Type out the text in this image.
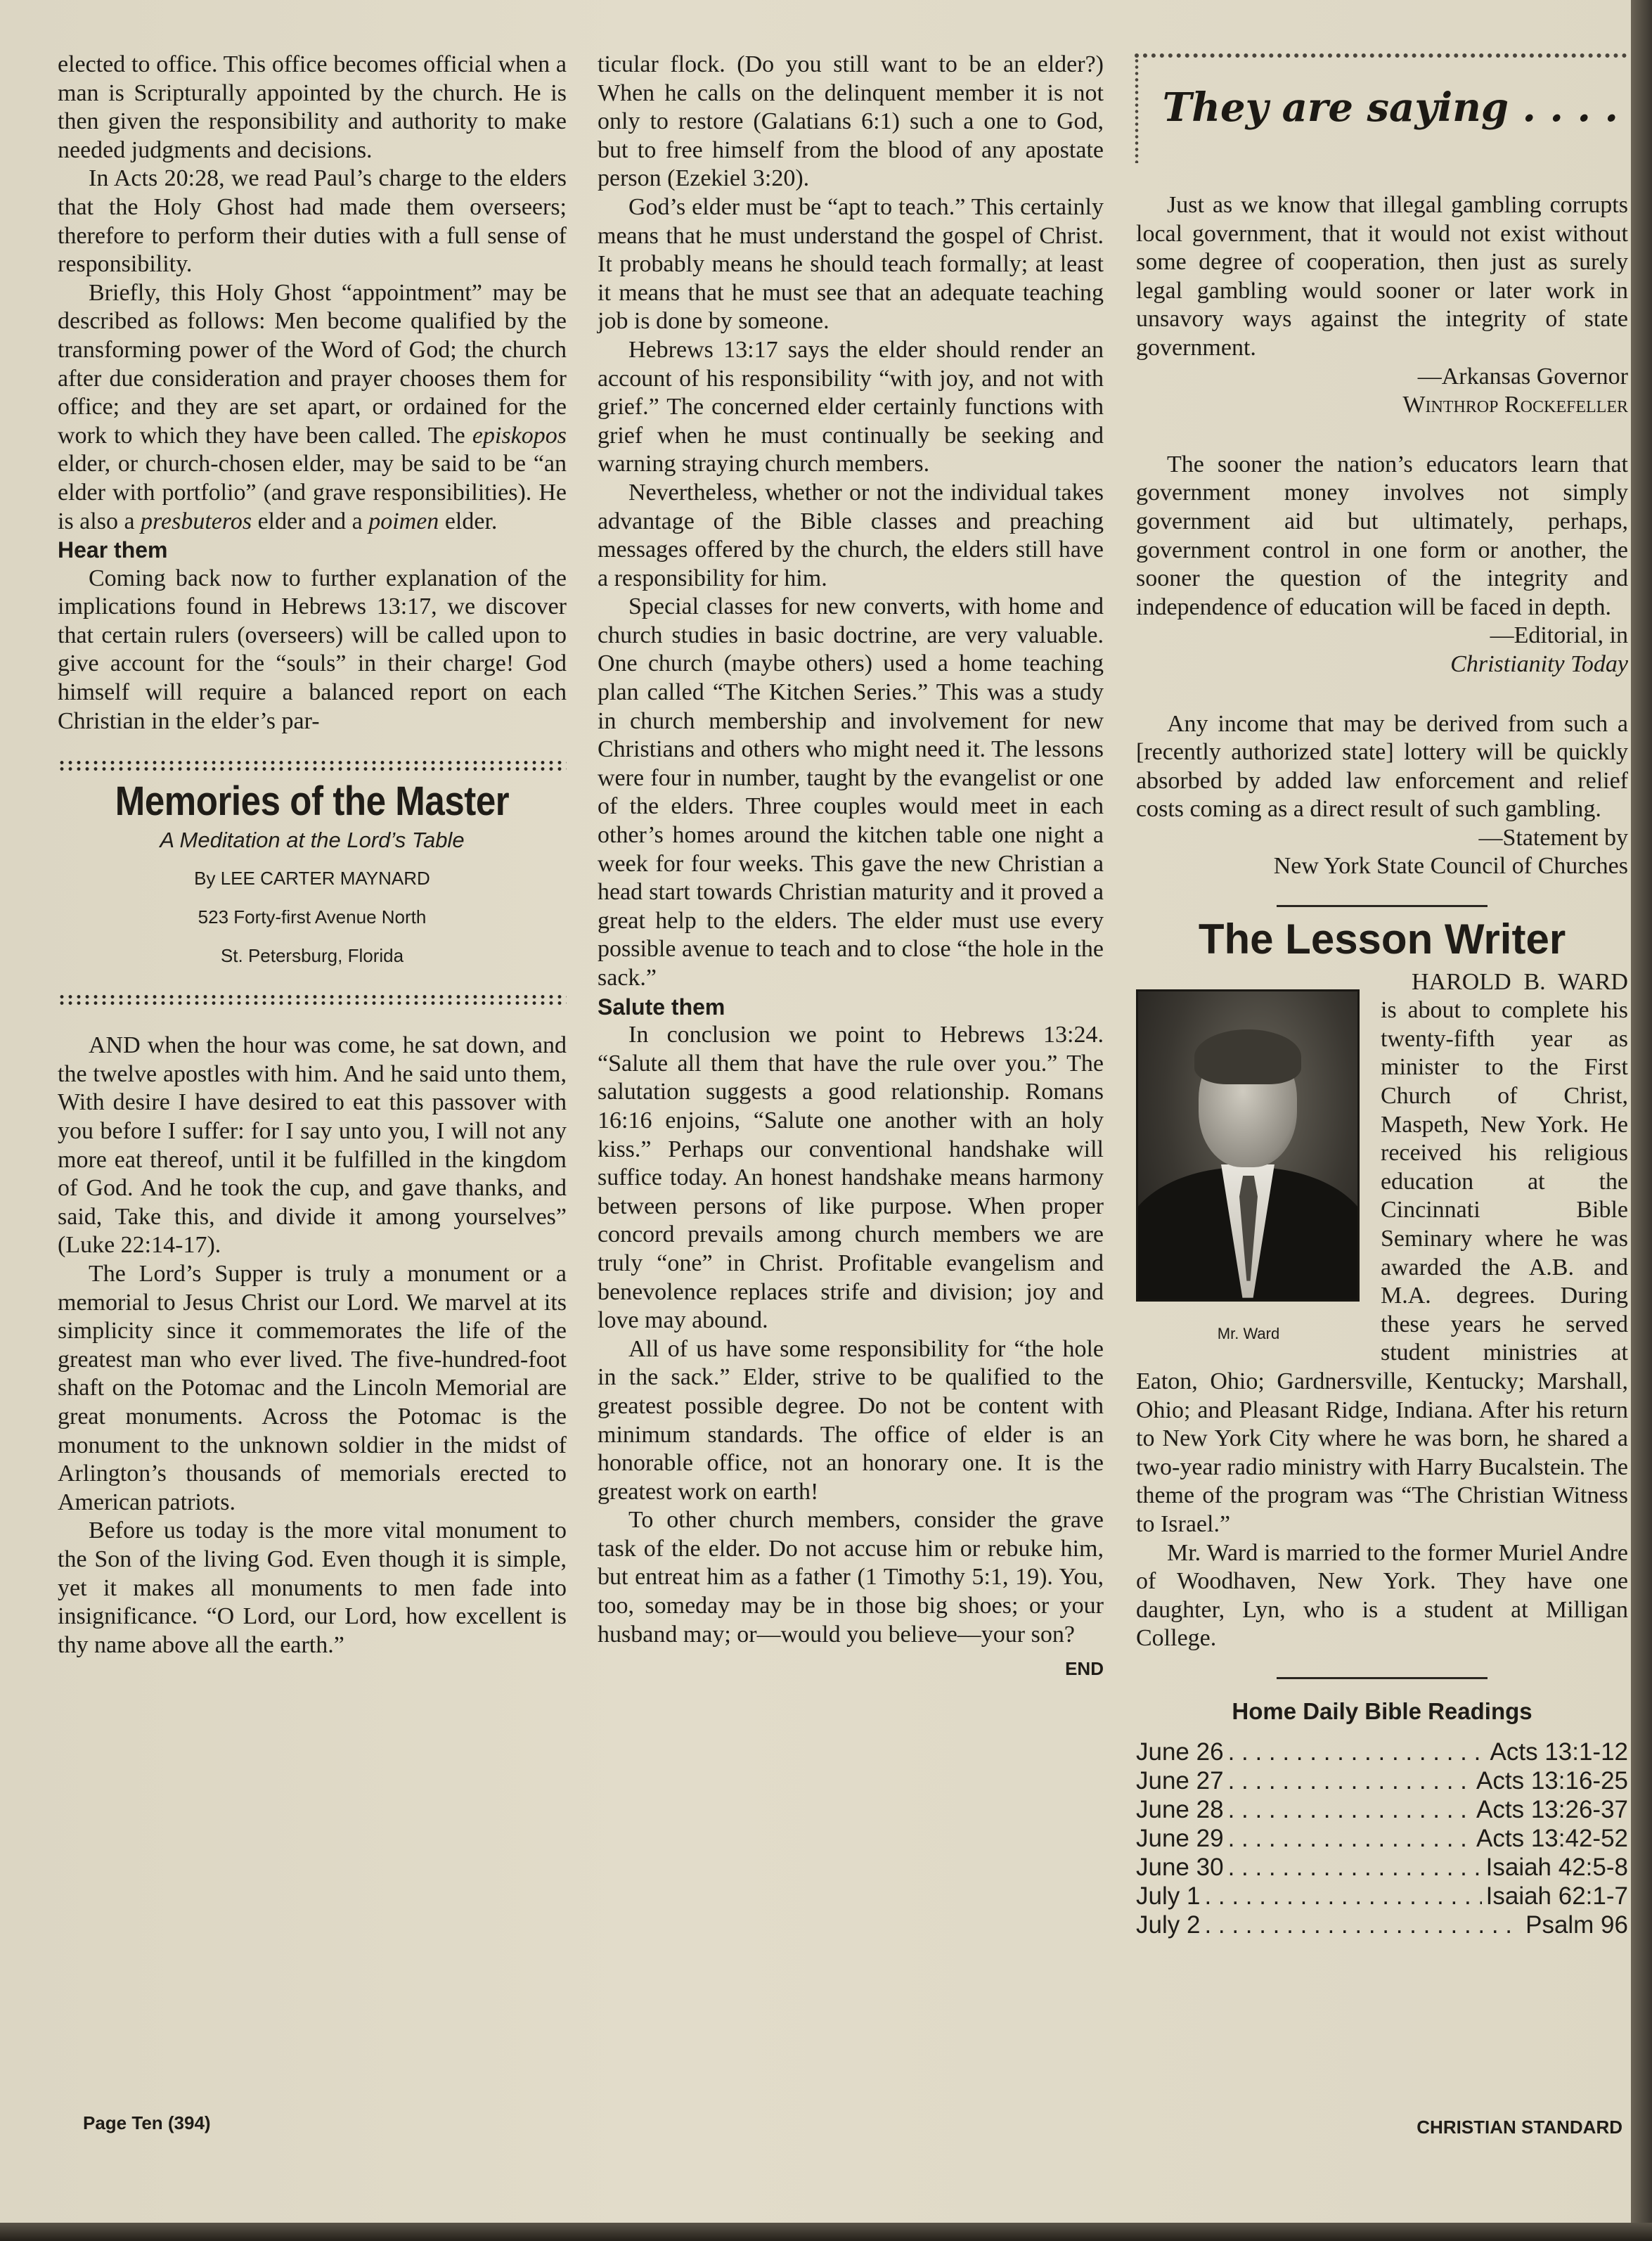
elected to office. This office becomes official when a man is Scripturally appointed by the church. He is then given the responsibility and authority to make needed judgments and decisions.

In Acts 20:28, we read Paul’s charge to the elders that the Holy Ghost had made them overseers; therefore to perform their duties with a full sense of responsibility.

Briefly, this Holy Ghost “appointment” may be described as follows: Men become qualified by the transforming power of the Word of God; the church after due consideration and prayer chooses them for office; and they are set apart, or ordained for the work to which they have been called. The episkopos elder, or church-chosen elder, may be said to be “an elder with portfolio” (and grave responsibilities). He is also a presbuteros elder and a poimen elder.

Hear them

Coming back now to further explanation of the implications found in Hebrews 13:17, we discover that certain rulers (overseers) will be called upon to give account for the “souls” in their charge! God himself will require a balanced report on each Christian in the elder’s par-

Memories of the Master
A Meditation at the Lord’s Table
By LEE CARTER MAYNARD
523 Forty-first Avenue North
St. Petersburg, Florida

AND when the hour was come, he sat down, and the twelve apostles with him. And he said unto them, With desire I have desired to eat this passover with you before I suffer: for I say unto you, I will not any more eat thereof, until it be fulfilled in the kingdom of God. And he took the cup, and gave thanks, and said, Take this, and divide it among yourselves” (Luke 22:14-17).

The Lord’s Supper is truly a monument or a memorial to Jesus Christ our Lord. We marvel at its simplicity since it commemorates the life of the greatest man who ever lived. The five-hundred-foot shaft on the Potomac and the Lincoln Memorial are great monuments. Across the Potomac is the monument to the unknown soldier in the midst of Arlington’s thousands of memorials erected to American patriots.

Before us today is the more vital monument to the Son of the living God. Even though it is simple, yet it makes all monuments to men fade into insignificance. “O Lord, our Lord, how excellent is thy name above all the earth.”

ticular flock. (Do you still want to be an elder?) When he calls on the delinquent member it is not only to restore (Galatians 6:1) such a one to God, but to free himself from the blood of any apostate person (Ezekiel 3:20).

God’s elder must be “apt to teach.” This certainly means that he must understand the gospel of Christ. It probably means he should teach formally; at least it means that he must see that an adequate teaching job is done by someone.

Hebrews 13:17 says the elder should render an account of his responsibility “with joy, and not with grief.” The concerned elder certainly functions with grief when he must continually be seeking and warning straying church members.

Nevertheless, whether or not the individual takes advantage of the Bible classes and preaching messages offered by the church, the elders still have a responsibility for him.

Special classes for new converts, with home and church studies in basic doctrine, are very valuable. One church (maybe others) used a home teaching plan called “The Kitchen Series.” This was a study in church membership and involvement for new Christians and others who might need it. The lessons were four in number, taught by the evangelist or one of the elders. Three couples would meet in each other’s homes around the kitchen table one night a week for four weeks. This gave the new Christian a head start towards Christian maturity and it proved a great help to the elders. The elder must use every possible avenue to teach and to close “the hole in the sack.”

Salute them

In conclusion we point to Hebrews 13:24. “Salute all them that have the rule over you.” The salutation suggests a good relationship. Romans 16:16 enjoins, “Salute one another with an holy kiss.” Perhaps our conventional handshake will suffice today. An honest handshake means harmony between persons of like purpose. When proper concord prevails among church members we are truly “one” in Christ. Profitable evangelism and benevolence replaces strife and division; joy and love may abound.

All of us have some responsibility for “the hole in the sack.” Elder, strive to be qualified to the greatest possible degree. Do not be content with minimum standards. The office of elder is an honorable office, not an honorary one. It is the greatest work on earth!

To other church members, consider the grave task of the elder. Do not accuse him or rebuke him, but entreat him as a father (1 Timothy 5:1, 19). You, too, someday may be in those big shoes; or your husband may; or—would you believe—your son?
END

They are saying . . . .

Just as we know that illegal gambling corrupts local government, that it would not exist without some degree of cooperation, then just as surely legal gambling would sooner or later work in unsavory ways against the integrity of state government.

—Arkansas Governor

Winthrop Rockefeller

The sooner the nation’s educators learn that government money involves not simply government aid but ultimately, perhaps, government control in one form or another, the sooner the question of the integrity and independence of education will be faced in depth.

—Editorial, in

Christianity Today

Any income that may be derived from such a [recently authorized state] lottery will be quickly absorbed by added law enforcement and relief costs coming as a direct result of such gambling.

—Statement by

New York State Council of Churches

The Lesson Writer
Mr. Ward

HAROLD B. WARD is about to complete his twenty-fifth year as minister to the First Church of Christ, Maspeth, New York. He received his religious education at the Cincinnati Bible Seminary where he was awarded the A.B. and M.A. degrees. During these years he served student ministries at Eaton, Ohio; Gardnersville, Kentucky; Marshall, Ohio; and Pleasant Ridge, Indiana. After his return to New York City where he was born, he shared a two-year radio ministry with Harry Bucalstein. The theme of the program was “The Christian Witness to Israel.”

Mr. Ward is married to the former Muriel Andre of Woodhaven, New York. They have one daughter, Lyn, who is a student at Milligan College.

Home Daily Bible Readings
June 26 . . .	Acts 13:1-12
June 27 . . .	Acts 13:16-25
June 28 . . .	Acts 13:26-37
June 29 . . .	Acts 13:42-52
June 30 . . .	Isaiah 42:5-8
July 1 . . .	Isaiah 62:1-7
July 2 . . .	Psalm 96
Page Ten (394)	CHRISTIAN STANDARD
